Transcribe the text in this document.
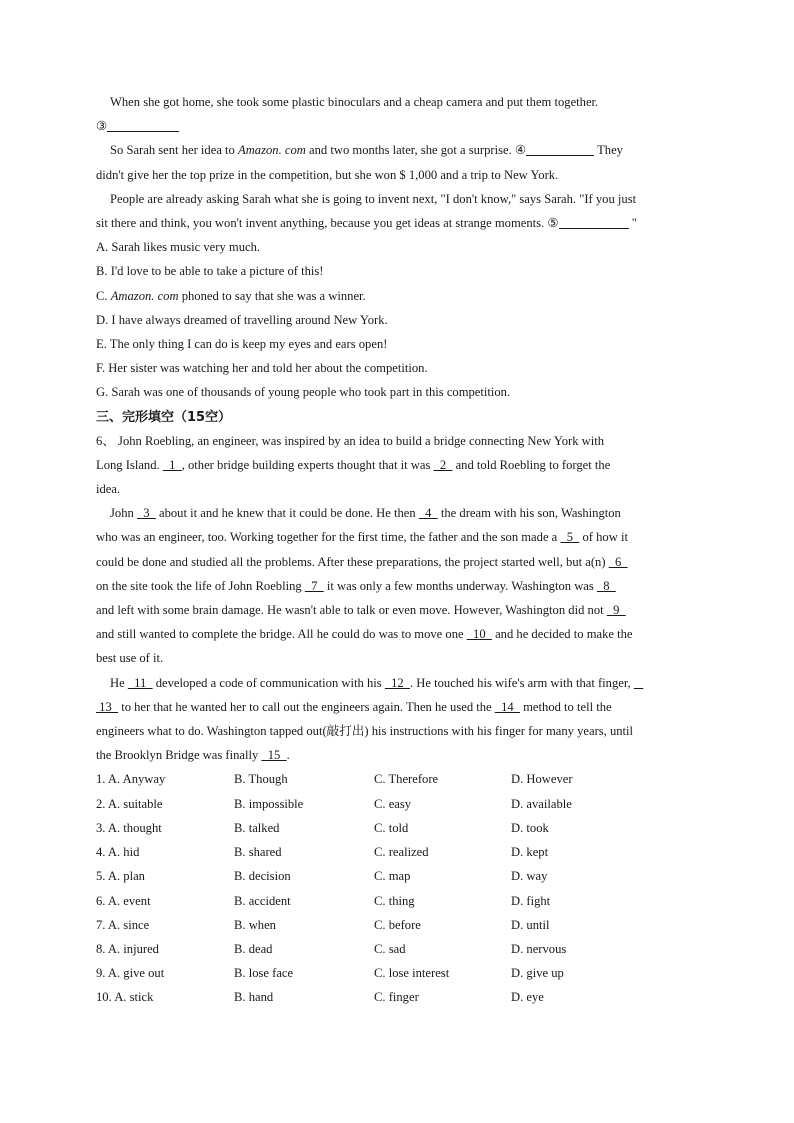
When she got home, she took some plastic binoculars and a cheap camera and put them together.
③
So Sarah sent her idea to Amazon. com and two months later, she got a surprise. ④	They
didn't give her the top prize in the competition, but she won $ 1,000 and a trip to New York.
People are already asking Sarah what she is going to invent next, "I don't know," says Sarah. "If you just
sit there and think, you won't invent anything, because you get ideas at strange moments. ⑤	"
A. Sarah likes music very much.
B. I'd love to be able to take a picture of this!
C. Amazon. com phoned to say that she was a winner.
D. I have always dreamed of travelling around New York.
E. The only thing I can do is keep my eyes and ears open!
F. Her sister was watching her and told her about the competition.
G. Sarah was one of thousands of young people who took part in this competition.
三、完形填空（15空）
6、 John Roebling, an engineer, was inspired by an idea to build a bridge connecting New York with
Long Island.   1  , other bridge building experts thought that it was   2   and told Roebling to forget the
idea.
John   3   about it and he knew that it could be done. He then   4   the dream with his son, Washington
who was an engineer, too. Working together for the first time, the father and the son made a   5   of how it
could be done and studied all the problems. After these preparations, the project started well, but a(n)   6
on the site took the life of John Roebling   7   it was only a few months underway. Washington was   8
and left with some brain damage. He wasn't able to talk or even move. However, Washington did not   9
and still wanted to complete the bridge. All he could do was to move one   10   and he decided to make the
best use of it.
He   11   developed a code of communication with his   12  . He touched his wife's arm with that finger,
13   to her that he wanted her to call out the engineers again. Then he used the   14   method to tell the
engineers what to do. Washington tapped out(敲打出) his instructions with his finger for many years, until
the Brooklyn Bridge was finally   15  .
1. A. Anyway	B. Though	C. Therefore	D. However
2. A. suitable	B. impossible	C. easy	D. available
3. A. thought	B. talked	C. told	D. took
4. A. hid	B. shared	C. realized	D. kept
5. A. plan	B. decision	C. map	D. way
6. A. event	B. accident	C. thing	D. fight
7. A. since	B. when	C. before	D. until
8. A. injured	B. dead	C. sad	D. nervous
9. A. give out	B. lose face	C. lose interest	D. give up
10. A. stick	B. hand	C. finger	D. eye
